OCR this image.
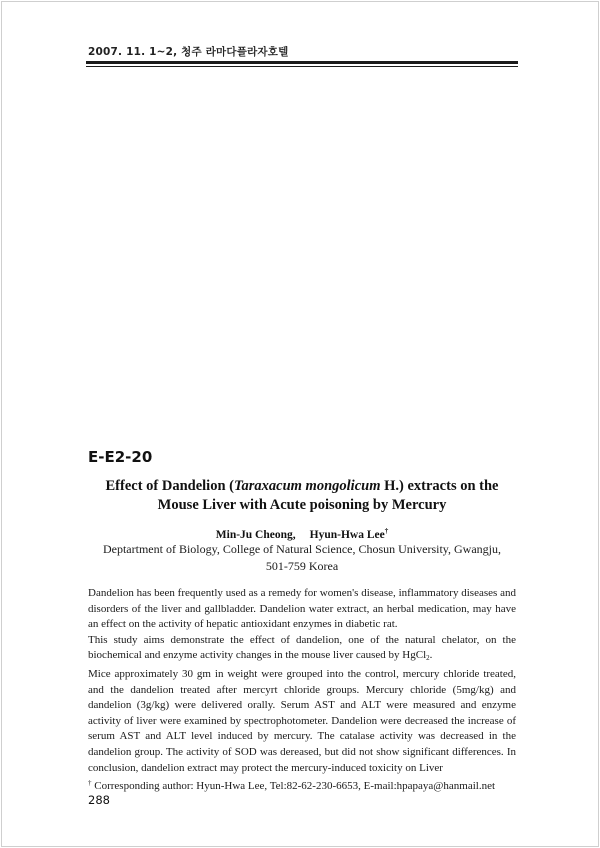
2007. 11. 1~2, 청주 라마다플라자호텔
E-E2-20
Effect of Dandelion (Taraxacum mongolicum H.) extracts on the
Mouse Liver with Acute poisoning by Mercury
Min-Ju Cheong, Hyun-Hwa Lee†
Deptartment of Biology, College of Natural Science, Chosun University, Gwangju,
501-759 Korea

Dandelion has been frequently used as a remedy for women's disease, inflammatory diseases and disorders of the liver and gallbladder. Dandelion water extract, an herbal medication, may have an effect on the activity of hepatic antioxidant enzymes in diabetic rat.

This study aims demonstrate the effect of dandelion, one of the natural chelator, on the biochemical and enzyme activity changes in the mouse liver caused by HgCl$_2$.

Mice approximately 30 gm in weight were grouped into the control, mercury chloride treated, and the dandelion treated after mercyrt chloride groups. Mercury chloride (5mg/kg) and dandelion (3g/kg) were delivered orally. Serum AST and ALT were measured and enzyme activity of liver were examined by spectrophotometer. Dandelion were decreased the increase of serum AST and ALT level induced by mercury. The catalase activity was decreased in the dandelion group. The activity of SOD was dereased, but did not show significant differences. In conclusion, dandelion extract may protect the mercury-induced toxicity on Liver

† Corresponding author: Hyun-Hwa Lee, Tel:82-62-230-6653, E-mail:hpapaya@hanmail.net

288
